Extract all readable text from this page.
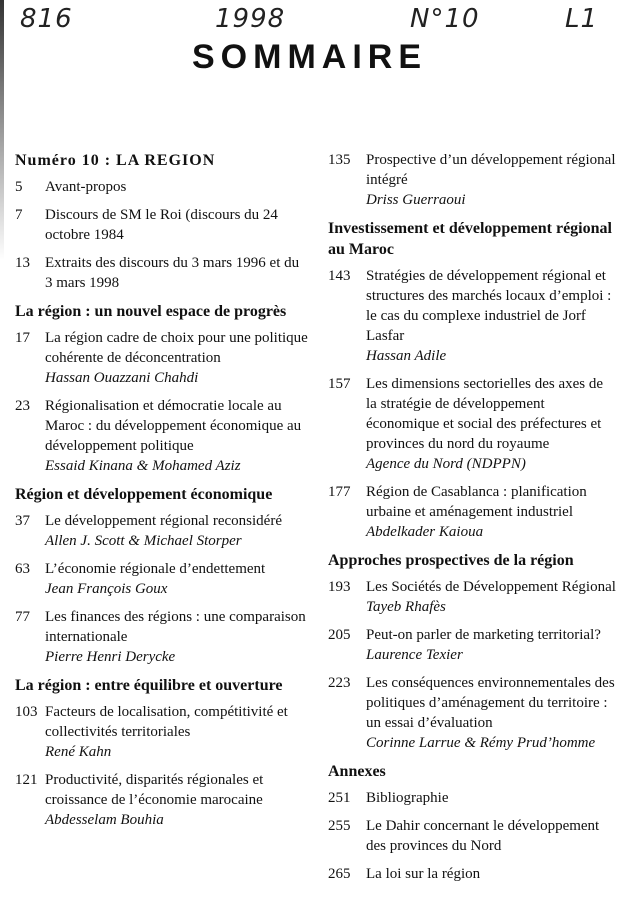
816	1998	N°10	L1
SOMMAIRE
Numéro 10 : LA REGION
5	Avant-propos
7	Discours de SM le Roi (discours du 24 octobre 1984
13	Extraits des discours du 3 mars 1996 et du 3 mars 1998
La région : un nouvel espace de progrès
17	La région cadre de choix pour une politique cohérente de déconcentration
Hassan Ouazzani Chahdi
23	Régionalisation et démocratie locale au Maroc : du développement économique au développement politique
Essaid Kinana & Mohamed Aziz
Région et développement économique
37	Le développement régional reconsidéré
Allen J. Scott & Michael Storper
63	L’économie régionale d’endettement
Jean François Goux
77	Les finances des régions : une comparaison internationale
Pierre Henri Derycke
La région : entre équilibre et ouverture
103 Facteurs de localisation, compétitivité et collectivités territoriales
René Kahn
121 Productivité, disparités régionales et croissance de l’économie marocaine
Abdesselam Bouhia
135	Prospective d’un développement régional intégré
Driss Guerraoui
Investissement et développement régional au Maroc
143	Stratégies de développement régional et structures des marchés locaux d’emploi : le cas du complexe industriel de Jorf Lasfar
Hassan Adile
157	Les dimensions sectorielles des axes de la stratégie de développement économique et social des préfectures et provinces du nord du royaume
Agence du Nord (NDPPN)
177	Région de Casablanca : planification urbaine et aménagement industriel
Abdelkader Kaioua
Approches prospectives de la région
193	Les Sociétés de Développement Régional
Tayeb Rhafès
205	Peut-on parler de marketing territorial?
Laurence Texier
223	Les conséquences environnementales des politiques d’aménagement du territoire : un essai d’évaluation
Corinne Larrue & Rémy Prud’homme
Annexes
251	Bibliographie
255	Le Dahir concernant le développement des provinces du Nord
265	La loi sur la région
